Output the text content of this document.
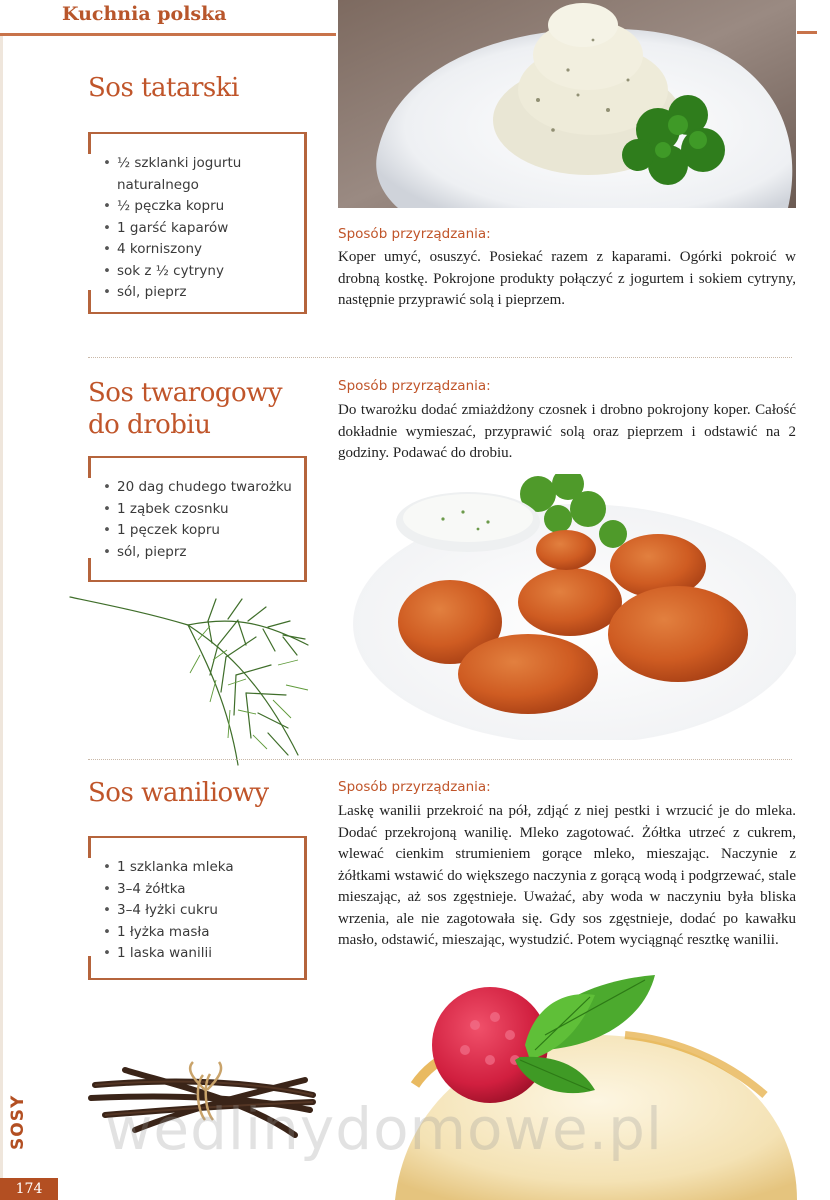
Kuchnia polska
Sos tatarski
• ½ szklanki jogurtu naturalnego
• ½ pęczka kopru
• 1 garść kaparów
• 4 korniszony
• sok z ½ cytryny
• sól, pieprz
Sposób przyrządzania:
Koper umyć, osuszyć. Posiekać razem z kaparami. Ogórki pokroić w drobną kostkę. Pokrojone produkty połączyć z jogurtem i sokiem cytryny, następnie przyprawić solą i pieprzem.
Sos twarogowy
do drobiu
• 20 dag chudego twarożku
• 1 ząbek czosnku
• 1 pęczek kopru
• sól, pieprz
Sposób przyrządzania:
Do twarożku dodać zmiażdżony czosnek i drobno pokrojony koper. Całość dokładnie wymieszać, przyprawić solą oraz pieprzem i odstawić na 2 godziny. Podawać do drobiu.
Sos waniliowy
• 1 szklanka mleka
• 3–4 żółtka
• 3–4 łyżki cukru
• 1 łyżka masła
• 1 laska wanilii
Sposób przyrządzania:
Laskę wanilii przekroić na pół, zdjąć z niej pestki i wrzucić je do mleka. Dodać przekrojoną wanilię. Mleko zagotować. Żółtka utrzeć z cukrem, wlewać cienkim strumieniem gorące mleko, mieszając. Naczynie z żółtkami wstawić do większego naczynia z gorącą wodą i podgrzewać, stale mieszając, aż sos zgęstnieje. Uważać, aby woda w naczyniu była bliska wrzenia, ale nie zagotowała się. Gdy sos zgęstnieje, dodać po kawałku masło, odstawić, mieszając, wystudzić. Potem wyciągnąć resztkę wanilii.
wedlinydomowe.pl
SOSY
174
